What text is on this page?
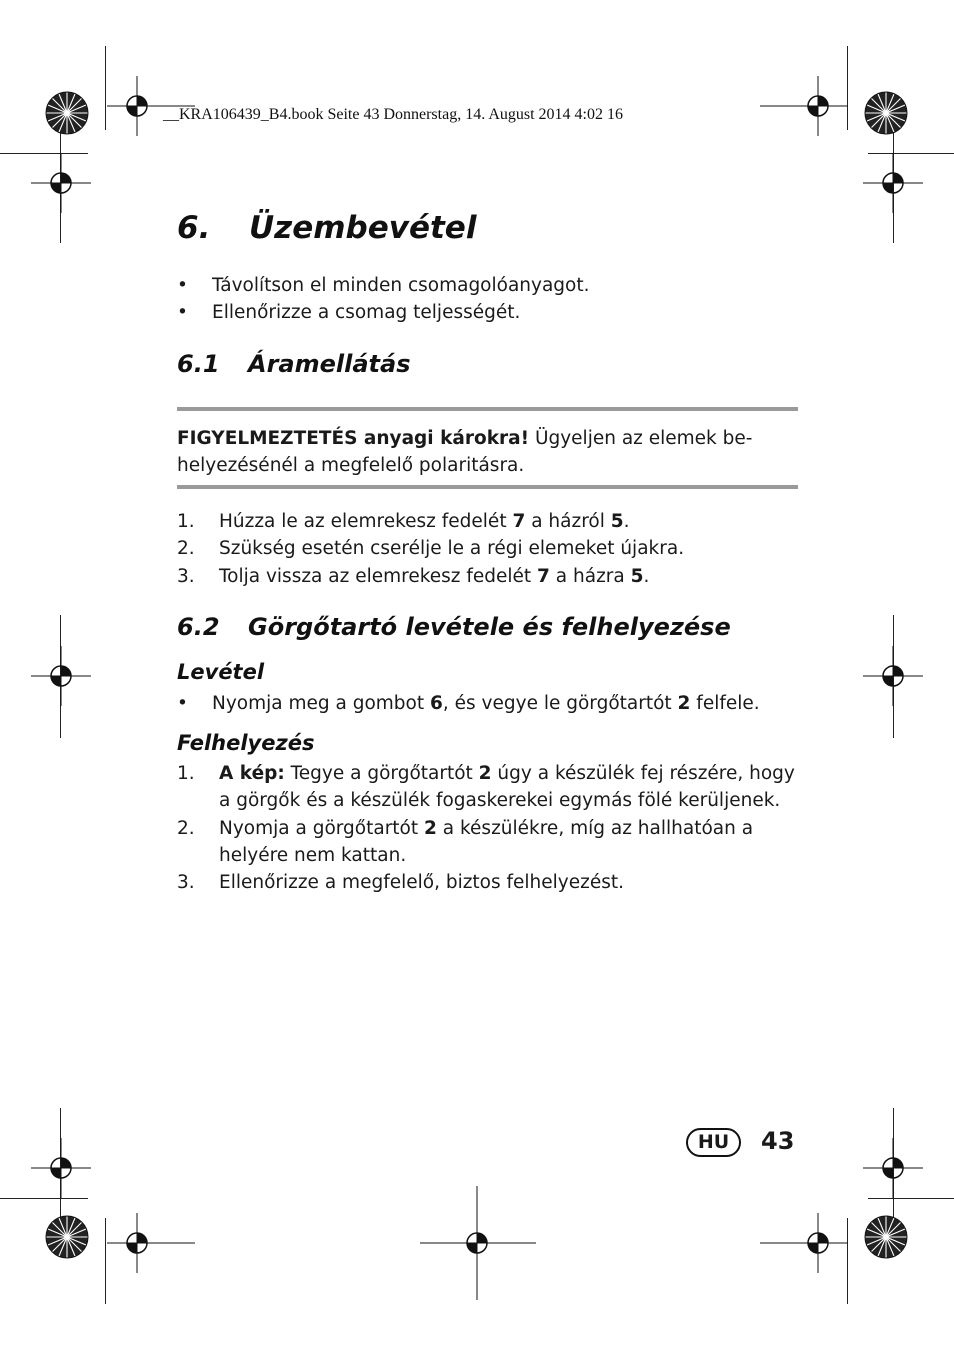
__KRA106439_B4.book Seite 43 Donnerstag, 14. August 2014 4:02 16
6. Üzembevétel
• Távolítson el minden csomagolóanyagot.
• Ellenőrizze a csomag teljességét.
6.1 Áramellátás
FIGYELMEZTETÉS anyagi károkra! Ügyeljen az elemek be-
helyezésénél a megfelelő polaritásra.
1. Húzza le az elemrekesz fedelét 7 a házról 5.
2. Szükség esetén cserélje le a régi elemeket újakra.
3. Tolja vissza az elemrekesz fedelét 7 a házra 5.
6.2 Görgőtartó levétele és felhelyezése
Levétel
• Nyomja meg a gombot 6, és vegye le görgőtartót 2 felfele.
Felhelyezés
1. A kép: Tegye a görgőtartót 2 úgy a készülék fej részére, hogy a görgők és a készülék fogaskerekei egymás fölé kerüljenek.
2. Nyomja a görgőtartót 2 a készülékre, míg az hallhatóan a helyére nem kattan.
3. Ellenőrizze a megfelelő, biztos felhelyezést.
HU	43
